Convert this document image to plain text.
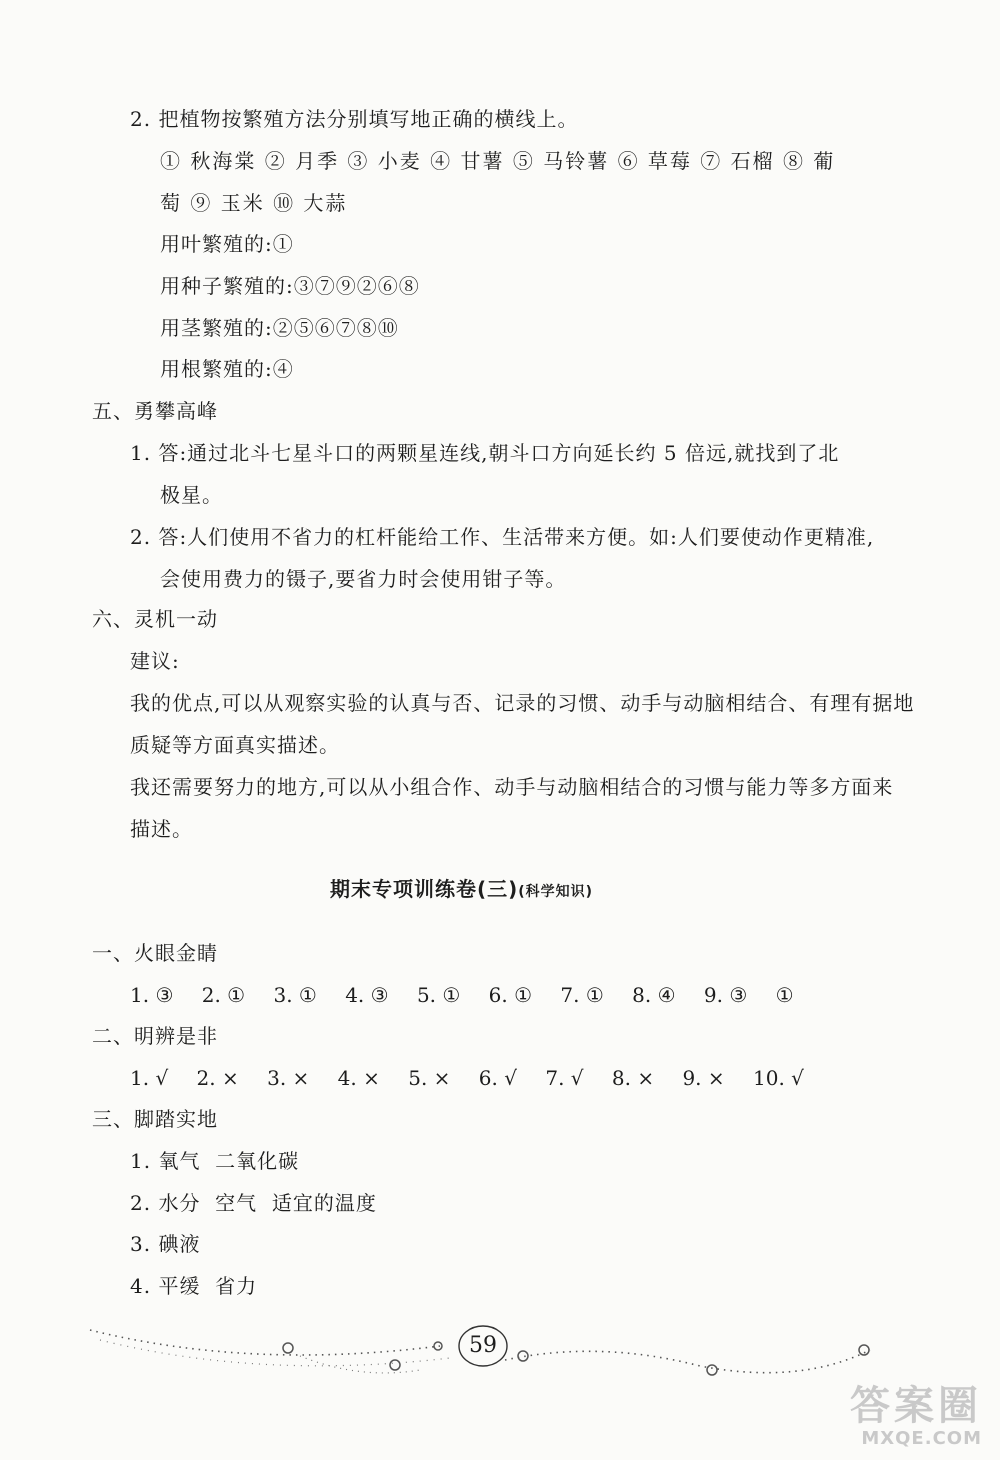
2. 把植物按繁殖方法分别填写地正确的横线上。
① 秋海棠 ② 月季 ③ 小麦 ④ 甘薯 ⑤ 马铃薯 ⑥ 草莓 ⑦ 石榴 ⑧ 葡
萄 ⑨ 玉米 ⑩ 大蒜
用叶繁殖的:①
用种子繁殖的:③⑦⑨②⑥⑧
用茎繁殖的:②⑤⑥⑦⑧⑩
用根繁殖的:④
五、勇攀高峰
1. 答:通过北斗七星斗口的两颗星连线,朝斗口方向延长约 5 倍远,就找到了北
极星。
2. 答:人们使用不省力的杠杆能给工作、生活带来方便。如:人们要使动作更精准,
会使用费力的镊子,要省力时会使用钳子等。
六、灵机一动
建议:
我的优点,可以从观察实验的认真与否、记录的习惯、动手与动脑相结合、有理有据地
质疑等方面真实描述。
我还需要努力的地方,可以从小组合作、动手与动脑相结合的习惯与能力等多方面来
描述。
期末专项训练卷(三)(科学知识)
一、火眼金睛
1. ③ 2. ① 3. ① 4. ③ 5. ① 6. ① 7. ① 8. ④ 9. ③ ①
二、明辨是非
1. √ 2. × 3. × 4. × 5. × 6. √ 7. √ 8. × 9. × 10. √
三、脚踏实地
1. 氧气  二氧化碳
2. 水分  空气  适宜的温度
3. 碘液
4. 平缓  省力
59
答案圈
MXQE.COM
